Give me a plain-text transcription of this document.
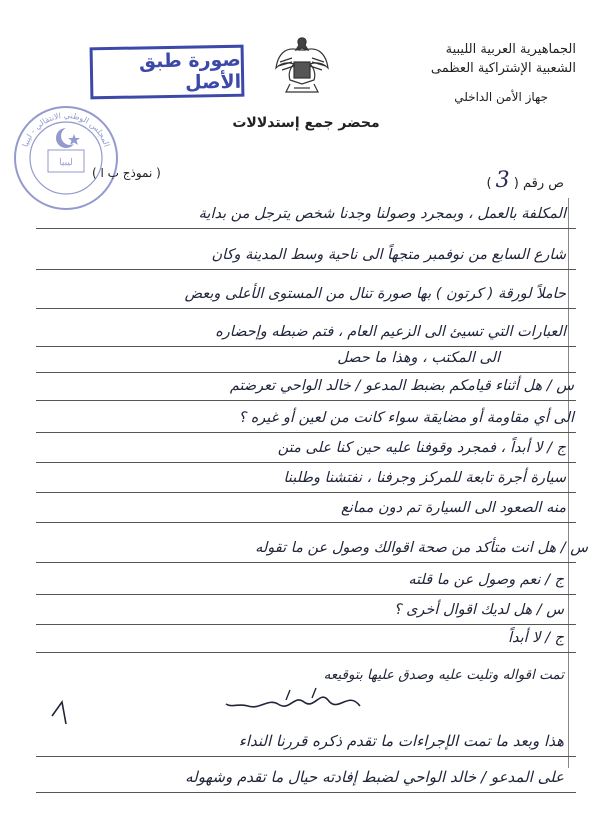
الجماهيرية العربية الليبية
الشعبية الإشتراكية العظمى
جهاز الأمن الداخلي
صورة طبق الأصل
ليبيا
المجلس الوطني الانتقالي - ليبيا
محضر جمع إستدلالات
( نموذج ب ا )
ص رقم ( 3 )
المكلفة بالعمل ، وبمجرد وصولنا وجدنا شخص يترجل من بداية
شارع السابع من نوفمبر متجهاً الى ناحية وسط المدينة وكان
حاملاً لورقة ( كرتون ) بها صورة تنال من المستوى الأعلى وبعض
العبارات التي تسيئ الى الزعيم العام ، فتم ضبطه وإحضاره
الى المكتب ، وهذا ما حصل
س / هل أثناء قيامكم بضبط المدعو / خالد الواحي تعرضتم
الى أي مقاومة أو مضايقة سواء كانت من لعين أو غيره ؟
ج / لا أبداً ، فمجرد وقوفنا عليه حين كنا على متن
سيارة أجرة تابعة للمركز وجرفنا ، نفتشنا وطلبنا
منه الصعود الى السيارة تم دون ممانع
س / هل انت متأكد من صحة اقوالك وصول عن ما تقوله
ج / نعم وصول عن ما قلته
س / هل لديك اقوال أخرى ؟
ج / لا أبداً
تمت اقواله وتليت عليه وصدق عليها بتوقيعه
هذا وبعد ما تمت الإجراءات ما تقدم ذكره قررنا النداء
على المدعو / خالد الواحي لضبط إفادته حيال ما تقدم وشهوله
